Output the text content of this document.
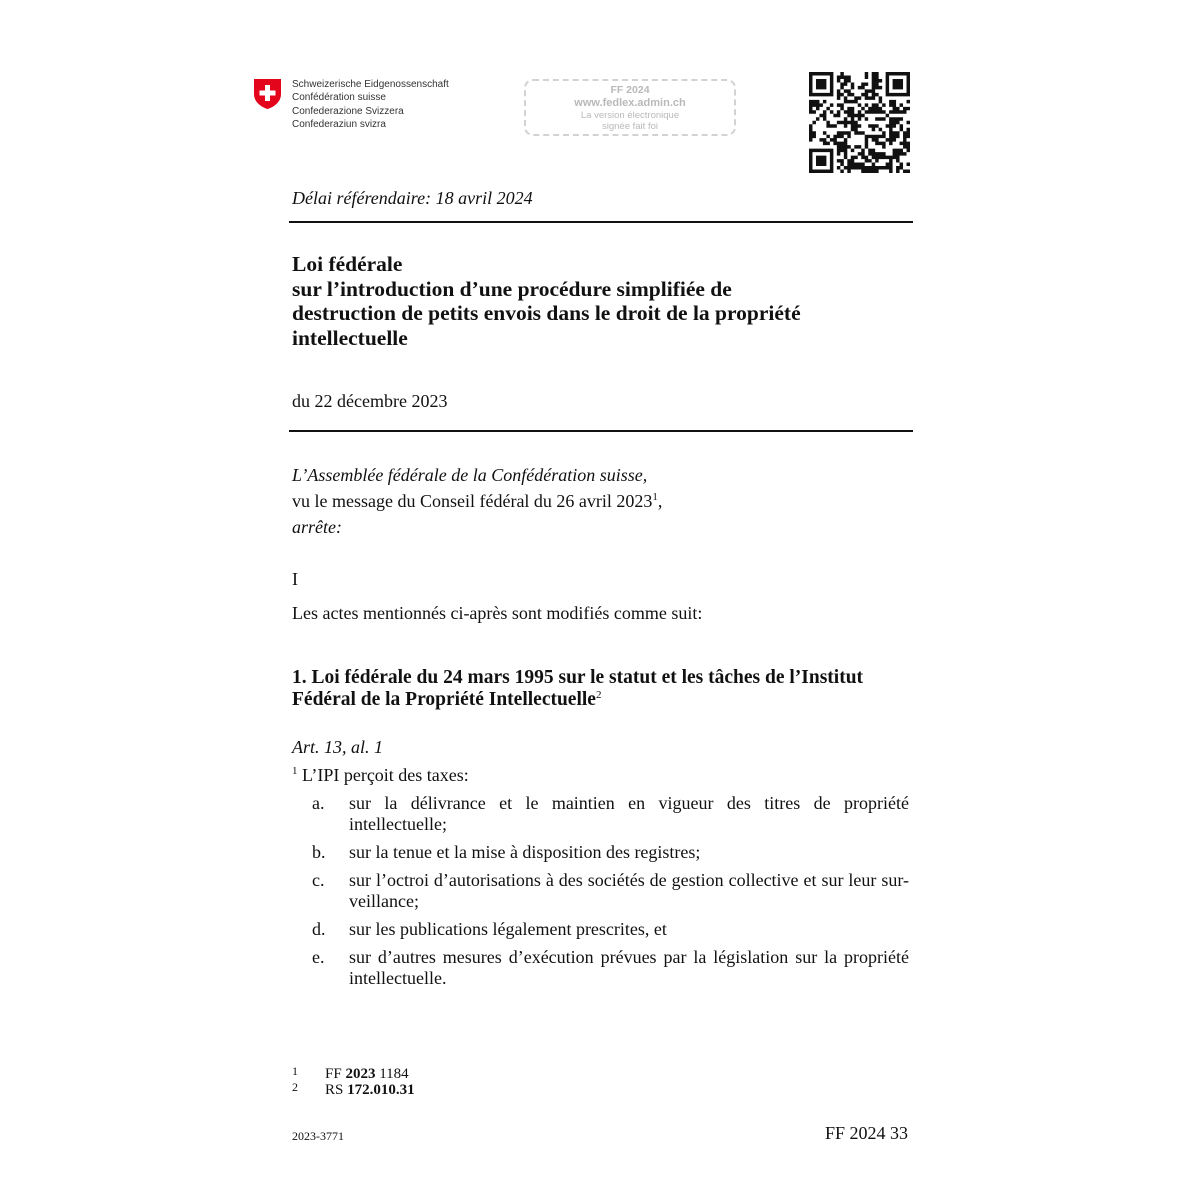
Schweizerische Eidgenossenschaft
Confédération suisse
Confederazione Svizzera
Confederaziun svizra
FF 2024
www.fedlex.admin.ch
La version électronique
signée fait foi
Délai référendaire: 18 avril 2024
Loi fédérale
sur l’introduction d’une procédure simplifiée de
destruction de petits envois dans le droit de la propriété
intellectuelle
du 22 décembre 2023
L’Assemblée fédérale de la Confédération suisse,
vu le message du Conseil fédéral du 26 avril 2023$^1$,
arrête:
I
Les actes mentionnés ci-après sont modifiés comme suit:
1. Loi fédérale du 24 mars 1995 sur le statut et les tâches de l’Institut
Fédéral de la Propriété Intellectuelle$^2$
Art. 13, al. 1
$^1$ L’IPI perçoit des taxes:
a.	sur la délivrance et le maintien en vigueur des titres de propriété intellectuelle;
b.	sur la tenue et la mise à disposition des registres;
c.	sur l’octroi d’autorisations à des sociétés de gestion collective et sur leur sur-veillance;
d.	sur les publications légalement prescrites, et
e.	sur d’autres mesures d’exécution prévues par la législation sur la propriété intellectuelle.
1 FF 2023 1184
2 RS 172.010.31
2023-3771	FF 2024 33
